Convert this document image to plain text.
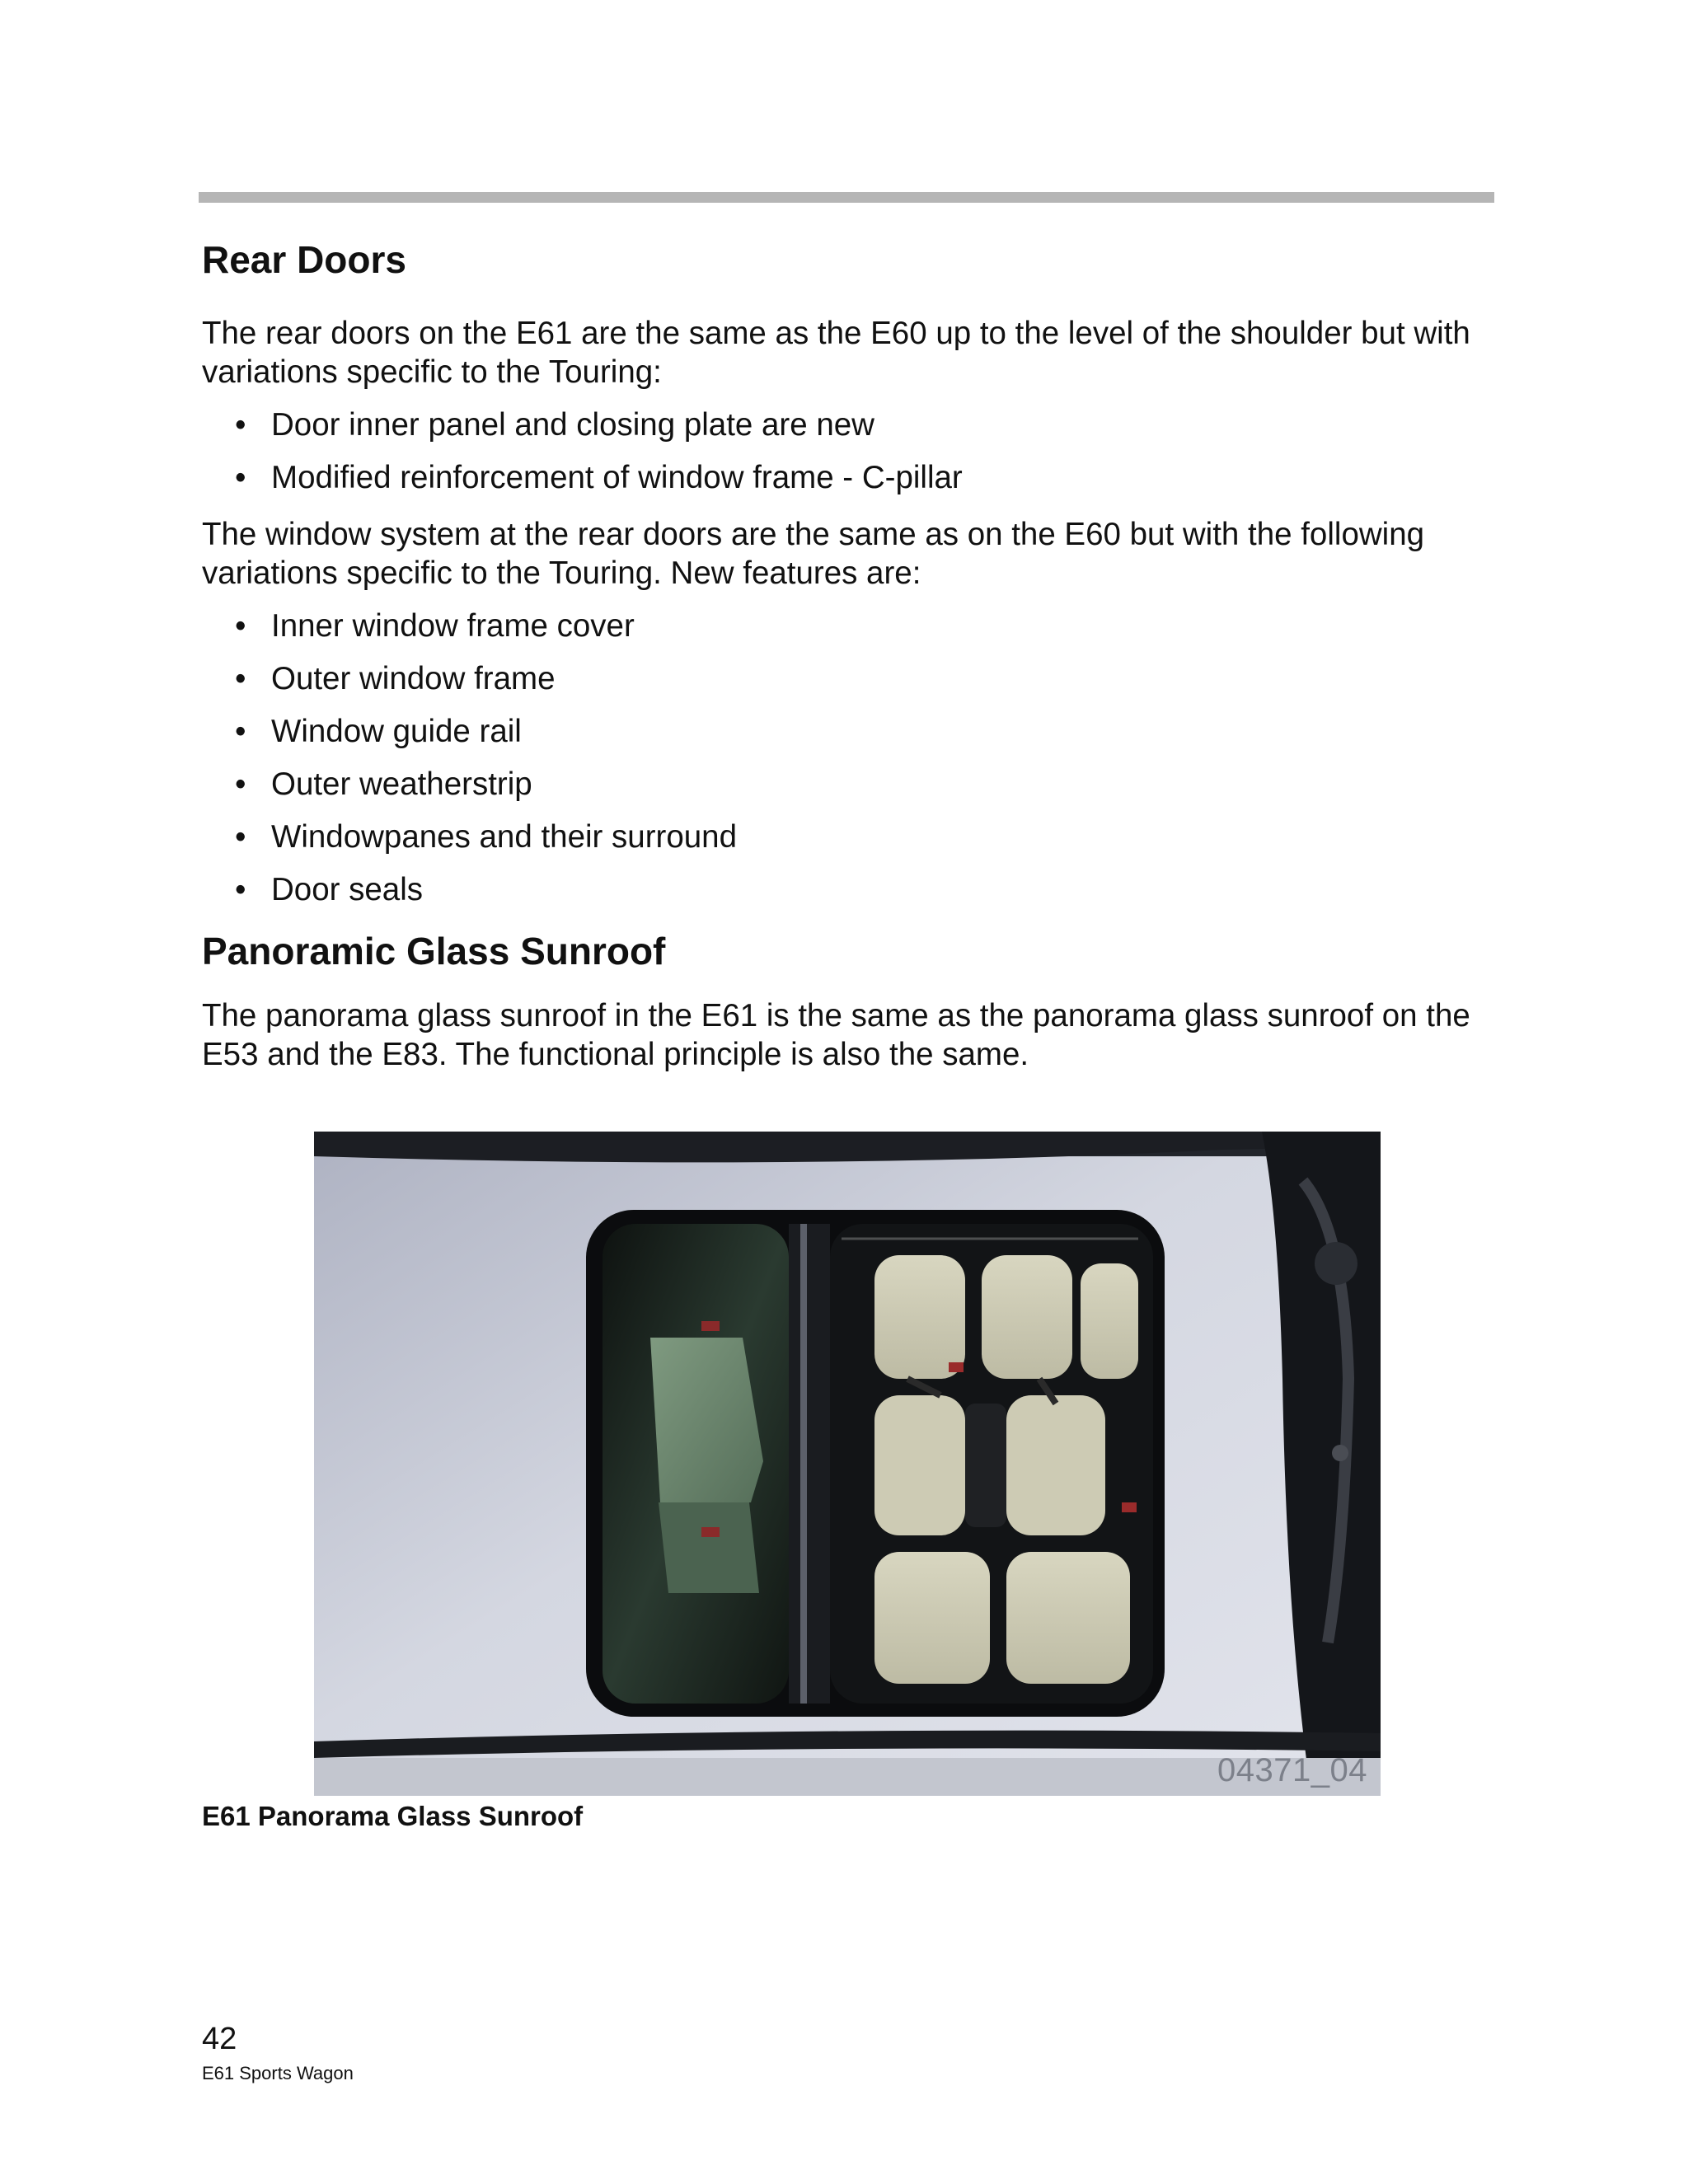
Rear Doors

The rear doors on the E61 are the same as the E60 up to the level of the shoulder but with variations specific to the Touring:

• Door inner panel and closing plate are new
• Modified reinforcement of window frame - C-pillar

The window system at the rear doors are the same as on the E60 but with the following variations specific to the Touring. New features are:

• Inner window frame cover
• Outer window frame
• Window guide rail
• Outer weatherstrip
• Windowpanes and their surround
• Door seals
Panoramic Glass Sunroof

The panorama glass sunroof in the E61 is the same as the panorama glass sunroof on the E53 and the E83. The functional principle is also the same.

04371_04
E61 Panorama Glass Sunroof
42
E61 Sports Wagon
